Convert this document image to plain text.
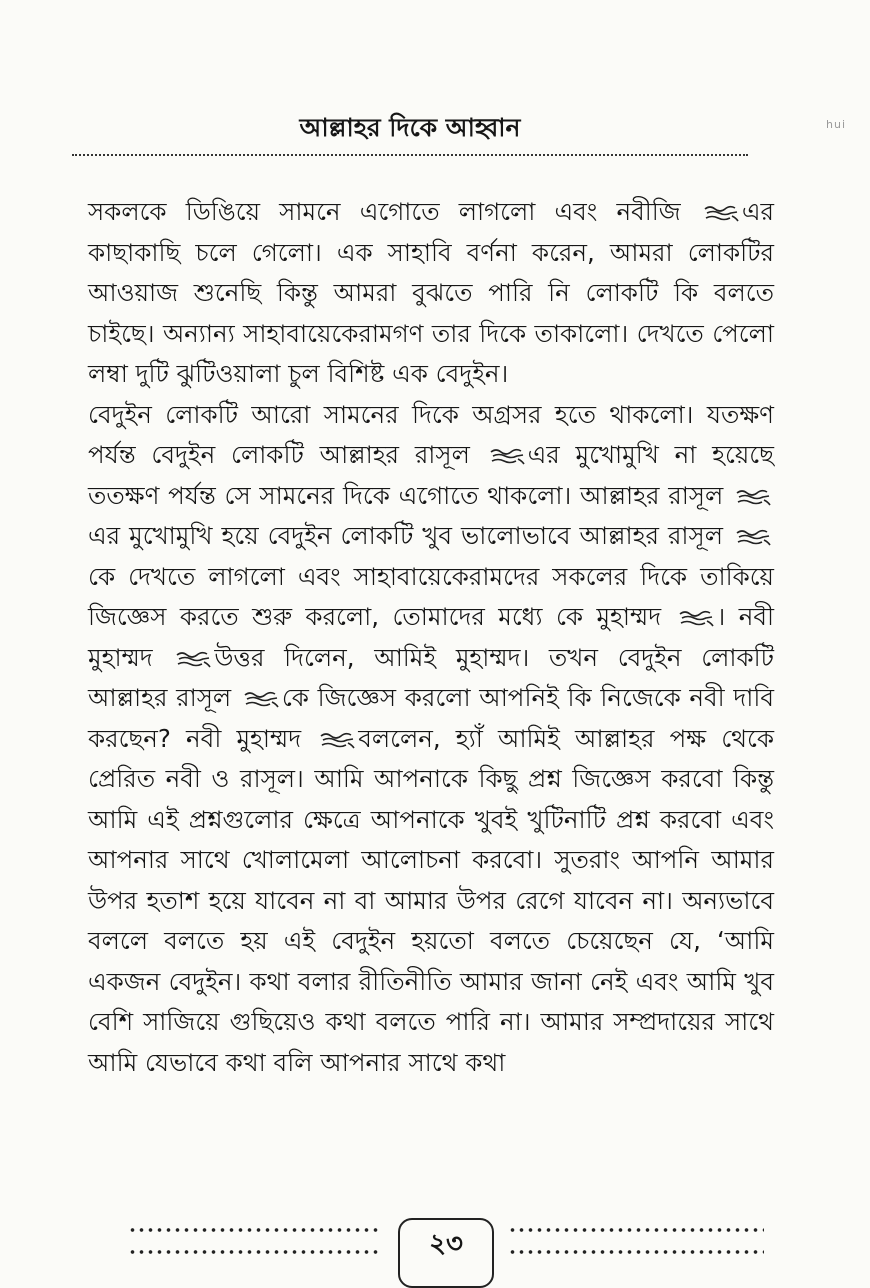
hui
আল্লাহর দিকে আহ্বান

সকলকে ডিঙিয়ে সামনে এগোতে লাগলো এবং নবীজি এর কাছাকাছি চলে গেলো। এক সাহাবি বর্ণনা করেন, আমরা লোকটির আওয়াজ শুনেছি কিন্তু আমরা বুঝতে পারি নি লোকটি কি বলতে চাইছে। অন্যান্য সাহাবায়েকেরামগণ তার দিকে তাকালো। দেখতে পেলো লম্বা দুটি ঝুটিওয়ালা চুল বিশিষ্ট এক বেদুইন।

বেদুইন লোকটি আরো সামনের দিকে অগ্রসর হতে থাকলো। যতক্ষণ পর্যন্ত বেদুইন লোকটি আল্লাহর রাসূল এর মুখোমুখি না হয়েছে ততক্ষণ পর্যন্ত সে সামনের দিকে এগোতে থাকলো। আল্লাহর রাসূল এর মুখোমুখি হয়ে বেদুইন লোকটি খুব ভালোভাবে আল্লাহর রাসূল কে দেখতে লাগলো এবং সাহাবায়েকেরামদের সকলের দিকে তাকিয়ে জিজ্ঞেস করতে শুরু করলো, তোমাদের মধ্যে কে মুহাম্মদ । নবী মুহাম্মদ উত্তর দিলেন, আমিই মুহাম্মদ। তখন বেদুইন লোকটি আল্লাহর রাসূল কে জিজ্ঞেস করলো আপনিই কি নিজেকে নবী দাবি করছেন? নবী মুহাম্মদ বললেন, হ্যাঁ আমিই আল্লাহর পক্ষ থেকে প্রেরিত নবী ও রাসূল। আমি আপনাকে কিছু প্রশ্ন জিজ্ঞেস করবো কিন্তু আমি এই প্রশ্নগুলোর ক্ষেত্রে আপনাকে খুবই খুটিনাটি প্রশ্ন করবো এবং আপনার সাথে খোলামেলা আলোচনা করবো। সুতরাং আপনি আমার উপর হতাশ হয়ে যাবেন না বা আমার উপর রেগে যাবেন না। অন্যভাবে বললে বলতে হয় এই বেদুইন হয়তো বলতে চেয়েছেন যে, ‘আমি একজন বেদুইন। কথা বলার রীতিনীতি আমার জানা নেই এবং আমি খুব বেশি সাজিয়ে গুছিয়েও কথা বলতে পারি না। আমার সম্প্রদায়ের সাথে আমি যেভাবে কথা বলি আপনার সাথে কথা

২৩
